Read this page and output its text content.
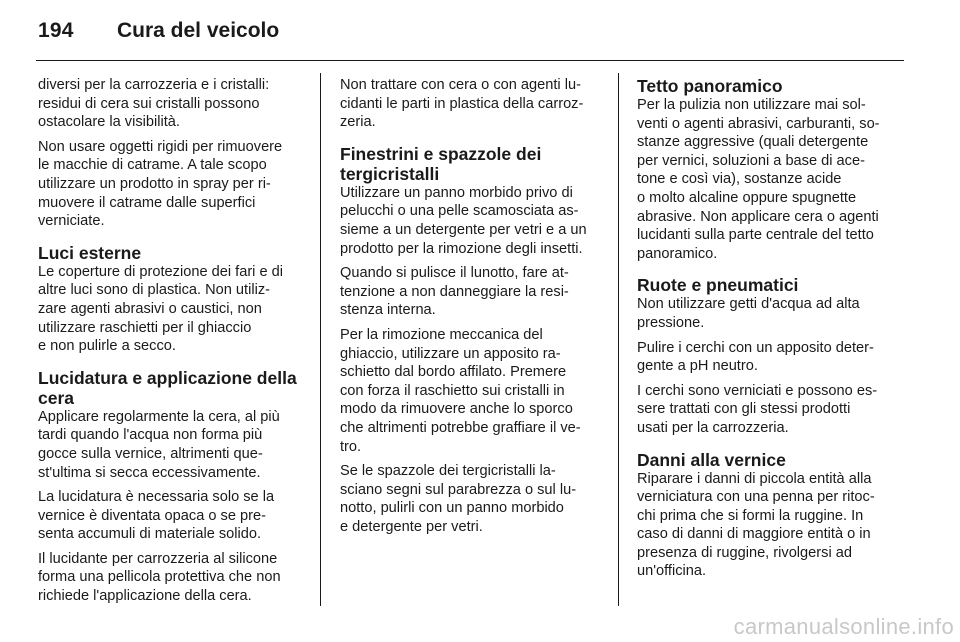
194 Cura del veicolo

diversi per la carrozzeria e i cristalli:
residui di cera sui cristalli possono
ostacolare la visibilità.

Non usare oggetti rigidi per rimuovere
le macchie di catrame. A tale scopo
utilizzare un prodotto in spray per ri-
muovere il catrame dalle superfici
verniciate.

Luci esterne

Le coperture di protezione dei fari e di
altre luci sono di plastica. Non utiliz-
zare agenti abrasivi o caustici, non
utilizzare raschietti per il ghiaccio
e non pulirle a secco.

Lucidatura e applicazione della
cera

Applicare regolarmente la cera, al più
tardi quando l'acqua non forma più
gocce sulla vernice, altrimenti que-
st'ultima si secca eccessivamente.

La lucidatura è necessaria solo se la
vernice è diventata opaca o se pre-
senta accumuli di materiale solido.

Il lucidante per carrozzeria al silicone
forma una pellicola protettiva che non
richiede l'applicazione della cera.

Non trattare con cera o con agenti lu-
cidanti le parti in plastica della carroz-
zeria.

Finestrini e spazzole dei
tergicristalli

Utilizzare un panno morbido privo di
pelucchi o una pelle scamosciata as-
sieme a un detergente per vetri e a un
prodotto per la rimozione degli insetti.

Quando si pulisce il lunotto, fare at-
tenzione a non danneggiare la resi-
stenza interna.

Per la rimozione meccanica del
ghiaccio, utilizzare un apposito ra-
schietto dal bordo affilato. Premere
con forza il raschietto sui cristalli in
modo da rimuovere anche lo sporco
che altrimenti potrebbe graffiare il ve-
tro.

Se le spazzole dei tergicristalli la-
sciano segni sul parabrezza o sul lu-
notto, pulirli con un panno morbido
e detergente per vetri.

Tetto panoramico

Per la pulizia non utilizzare mai sol-
venti o agenti abrasivi, carburanti, so-
stanze aggressive (quali detergente
per vernici, soluzioni a base di ace-
tone e così via), sostanze acide
o molto alcaline oppure spugnette
abrasive. Non applicare cera o agenti
lucidanti sulla parte centrale del tetto
panoramico.

Ruote e pneumatici

Non utilizzare getti d'acqua ad alta
pressione.

Pulire i cerchi con un apposito deter-
gente a pH neutro.

I cerchi sono verniciati e possono es-
sere trattati con gli stessi prodotti
usati per la carrozzeria.

Danni alla vernice

Riparare i danni di piccola entità alla
verniciatura con una penna per ritoc-
chi prima che si formi la ruggine. In
caso di danni di maggiore entità o in
presenza di ruggine, rivolgersi ad
un'officina.

carmanualsonline.info
